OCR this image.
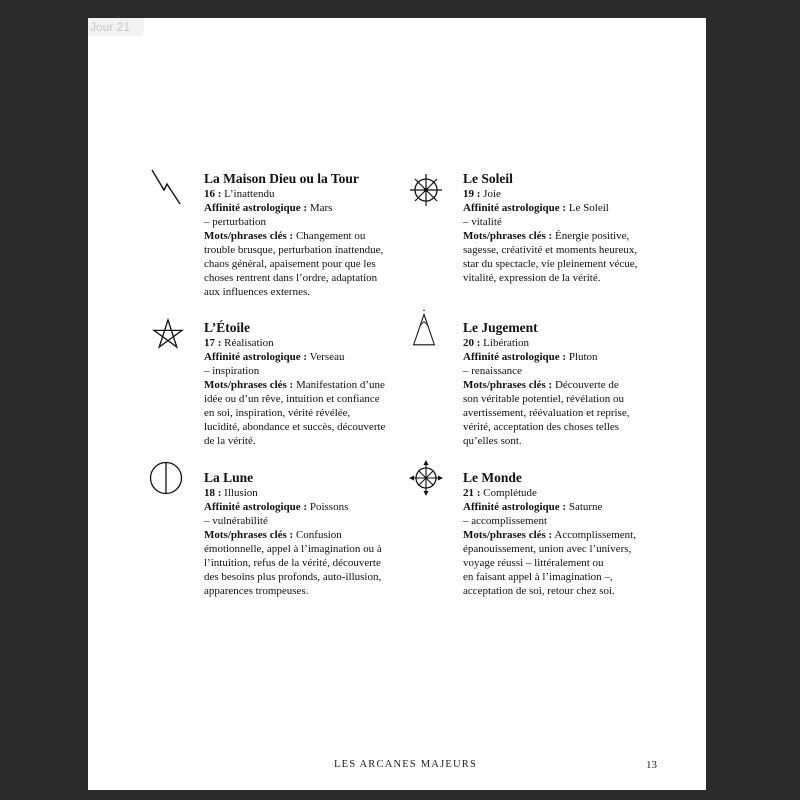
Jour 21

La Maison Dieu ou la Tour

16 : L’inattendu

Affinité astrologique : Mars

– perturbation

Mots/phrases clés : Changement ou

trouble brusque, perturbation inattendue,

chaos général, apaisement pour que les

choses rentrent dans l’ordre, adaptation

aux influences externes.

Le Soleil

19 : Joie

Affinité astrologique : Le Soleil

– vitalité

Mots/phrases clés : Énergie positive,

sagesse, créativité et moments heureux,

star du spectacle, vie pleinement vécue,

vitalité, expression de la vérité.

L’Étoile

17 : Réalisation

Affinité astrologique : Verseau

– inspiration

Mots/phrases clés : Manifestation d’une

idée ou d’un rêve, intuition et confiance

en soi, inspiration, vérité révélée,

lucidité, abondance et succès, découverte

de la vérité.

Le Jugement

20 : Libération

Affinité astrologique : Pluton

– renaissance

Mots/phrases clés : Découverte de

son véritable potentiel, révélation ou

avertissement, réévaluation et reprise,

vérité, acceptation des choses telles

qu’elles sont.

La Lune

18 : Illusion

Affinité astrologique : Poissons

– vulnérabilité

Mots/phrases clés : Confusion

émotionnelle, appel à l’imagination ou à

l’intuition, refus de la vérité, découverte

des besoins plus profonds, auto-illusion,

apparences trompeuses.

Le Monde

21 : Complétude

Affinité astrologique : Saturne

– accomplissement

Mots/phrases clés : Accomplissement,

épanouissement, union avec l’univers,

voyage réussi – littéralement ou

en faisant appel à l’imagination –,

acceptation de soi, retour chez soi.

LES ARCANES MAJEURS	13
